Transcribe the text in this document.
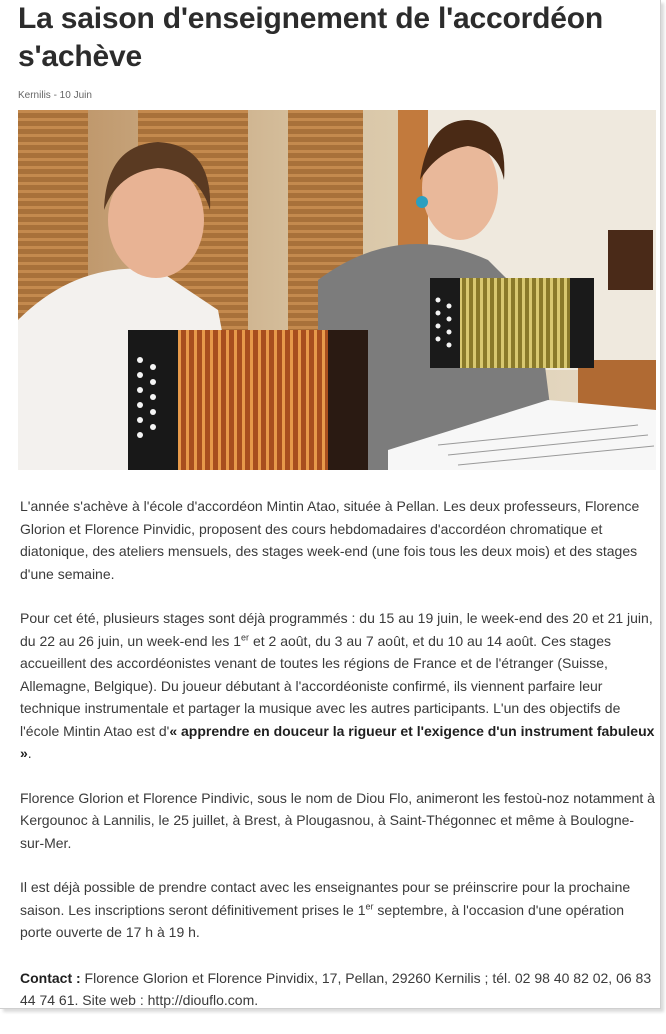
La saison d'enseignement de l'accordéon s'achève
Kernilis - 10 Juin

L'année s'achève à l'école d'accordéon Mintin Atao, située à Pellan. Les deux professeurs, Florence Glorion et Florence Pinvidic, proposent des cours hebdomadaires d'accordéon chromatique et diatonique, des ateliers mensuels, des stages week-end (une fois tous les deux mois) et des stages d'une semaine.

Pour cet été, plusieurs stages sont déjà programmés : du 15 au 19 juin, le week-end des 20 et 21 juin, du 22 au 26 juin, un week-end les 1er et 2 août, du 3 au 7 août, et du 10 au 14 août. Ces stages accueillent des accordéonistes venant de toutes les régions de France et de l'étranger (Suisse, Allemagne, Belgique). Du joueur débutant à l'accordéoniste confirmé, ils viennent parfaire leur technique instrumentale et partager la musique avec les autres participants. L'un des objectifs de l'école Mintin Atao est d'« apprendre en douceur la rigueur et l'exigence d'un instrument fabuleux ».

Florence Glorion et Florence Pindivic, sous le nom de Diou Flo, animeront les festoù-noz notamment à Kergounoc à Lannilis, le 25 juillet, à Brest, à Plougasnou, à Saint-Thégonnec et même à Boulogne-sur-Mer.

Il est déjà possible de prendre contact avec les enseignantes pour se préinscrire pour la prochaine saison. Les inscriptions seront définitivement prises le 1er septembre, à l'occasion d'une opération porte ouverte de 17 h à 19 h.

Contact : Florence Glorion et Florence Pinvidix, 17, Pellan, 29260 Kernilis ; tél. 02 98 40 82 02, 06 83 44 74 61. Site web : http://diouflo.com.
